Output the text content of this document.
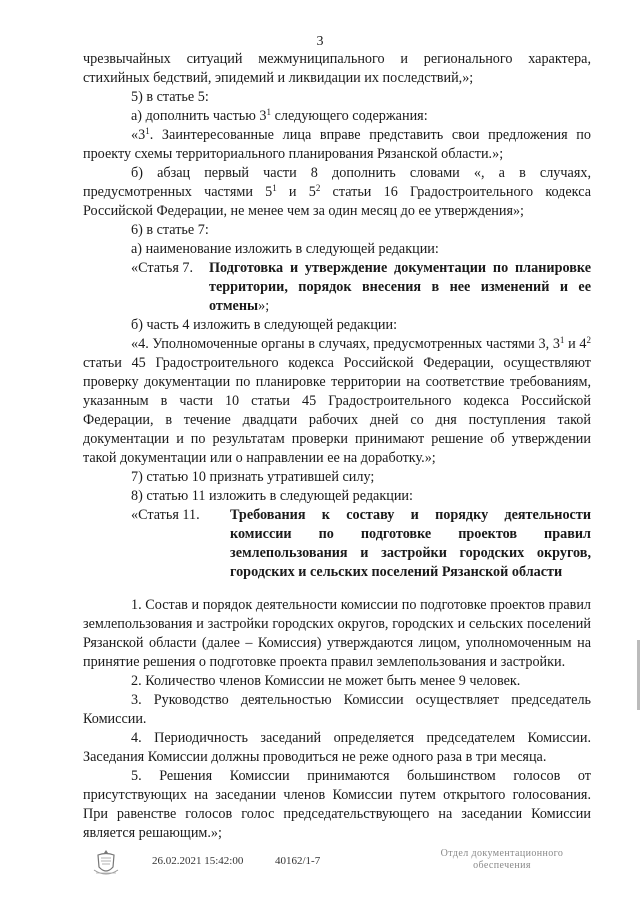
3

чрезвычайных ситуаций межмуниципального и регионального характера, стихийных бедствий, эпидемий и ликвидации их последствий,»;

5) в статье 5:

а) дополнить частью $3^1$ следующего содержания:

«$3^1$. Заинтересованные лица вправе представить свои предложения по проекту схемы территориального планирования Рязанской области.»;

б) абзац первый части 8 дополнить словами «, а в случаях, предусмотренных частями $5^1$ и $5^2$ статьи 16 Градостроительного кодекса Российской Федерации, не менее чем за один месяц до ее утверждения»;

6) в статье 7:

а) наименование изложить в следующей редакции:

«Статья 7.	Подготовка и утверждение документации по планировке территории, порядок внесения в нее изменений и ее отмены»;

б) часть 4 изложить в следующей редакции:

«4. Уполномоченные органы в случаях, предусмотренных частями 3, $3^1$ и $4^2$ статьи 45 Градостроительного кодекса Российской Федерации, осуществляют проверку документации по планировке территории на соответствие требованиям, указанным в части 10 статьи 45 Градостроительного кодекса Российской Федерации, в течение двадцати рабочих дней со дня поступления такой документации и по результатам проверки принимают решение об утверждении такой документации или о направлении ее на доработку.»;

7) статью 10 признать утратившей силу;

8) статью 11 изложить в следующей редакции:

«Статья 11.	Требования к составу и порядку деятельности комиссии по подготовке проектов правил землепользования и застройки городских округов, городских и сельских поселений Рязанской области

1. Состав и порядок деятельности комиссии по подготовке проектов правил землепользования и застройки городских округов, городских и сельских поселений Рязанской области (далее – Комиссия) утверждаются лицом, уполномоченным на принятие решения о подготовке проекта правил землепользования и застройки.

2. Количество членов Комиссии не может быть менее 9 человек.

3. Руководство деятельностью Комиссии осуществляет председатель Комиссии.

4. Периодичность заседаний определяется председателем Комиссии. Заседания Комиссии должны проводиться не реже одного раза в три месяца.

5. Решения Комиссии принимаются большинством голосов от присутствующих на заседании членов Комиссии путем открытого голосования. При равенстве голосов голос председательствующего на заседании Комиссии является решающим.»;

26.02.2021 15:42:00	40162/1-7
Отдел документационного
обеспечения
